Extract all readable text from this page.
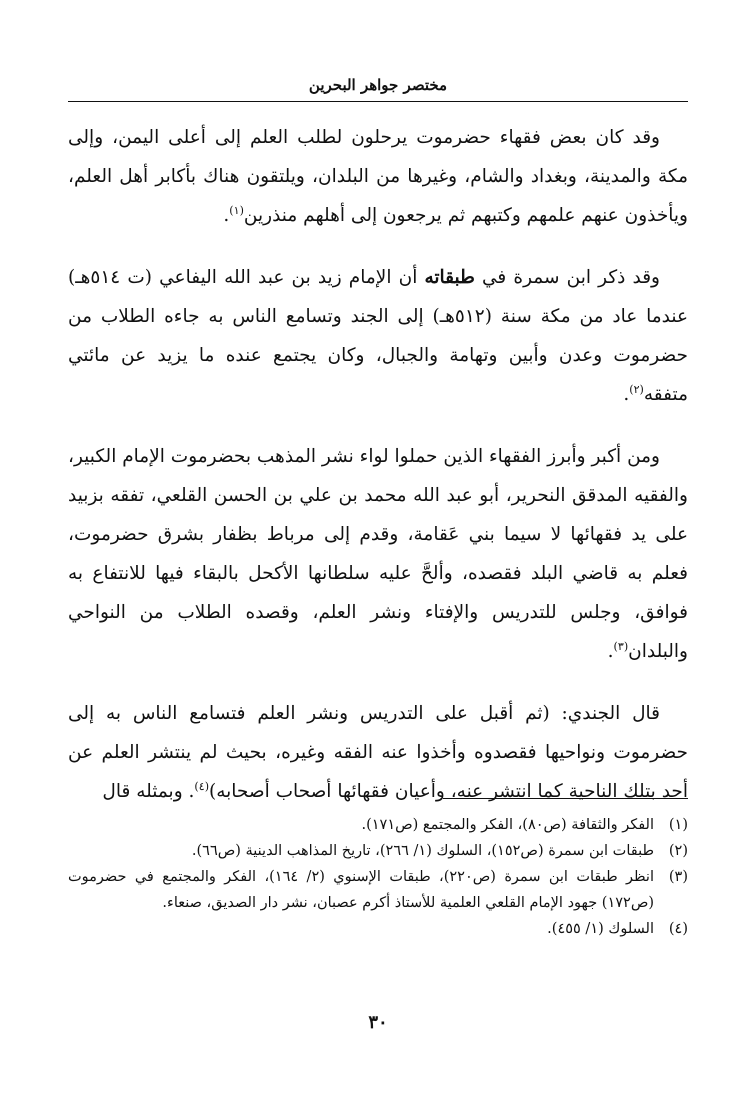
مختصر جواهر البحرين

وقد كان بعض فقهاء حضرموت يرحلون لطلب العلم إلى أعلى اليمن، وإلى مكة والمدينة، وبغداد والشام، وغيرها من البلدان، ويلتقون هناك بأكابر أهل العلم، ويأخذون عنهم علمهم وكتبهم ثم يرجعون إلى أهلهم منذرين$^{(١)}$.

وقد ذكر ابن سمرة في طبقاته أن الإمام زيد بن عبد الله اليفاعي (ت ٥١٤هـ) عندما عاد من مكة سنة (٥١٢هـ) إلى الجند وتسامع الناس به جاءه الطلاب من حضرموت وعدن وأبين وتهامة والجبال، وكان يجتمع عنده ما يزيد عن مائتي متفقه$^{(٢)}$.

ومن أكبر وأبرز الفقهاء الذين حملوا لواء نشر المذهب بحضرموت الإمام الكبير، والفقيه المدقق النحرير، أبو عبد الله محمد بن علي بن الحسن القلعي، تفقه بزبيد على يد فقهائها لا سيما بني عَقامة، وقدم إلى مرباط بظفار بشرق حضرموت، فعلم به قاضي البلد فقصده، وألحَّ عليه سلطانها الأكحل بالبقاء فيها للانتفاع به فوافق، وجلس للتدريس والإفتاء ونشر العلم، وقصده الطلاب من النواحي والبلدان$^{(٣)}$.

قال الجندي: (ثم أقبل على التدريس ونشر العلم فتسامع الناس به إلى حضرموت ونواحيها فقصدوه وأخذوا عنه الفقه وغيره، بحيث لم ينتشر العلم عن أحد بتلك الناحية كما انتشر عنه، وأعيان فقهائها أصحاب أصحابه)$^{(٤)}$. وبمثله قال

(١)
الفكر والثقافة (ص٨٠)، الفكر والمجتمع (ص١٧١).
(٢)
طبقات ابن سمرة (ص١٥٢)، السلوك (١/ ٢٦٦)، تاريخ المذاهب الدينية (ص٦٦).
(٣)
انظر طبقات ابن سمرة (ص٢٢٠)، طبقات الإسنوي (٢/ ١٦٤)، الفكر والمجتمع في حضرموت (ص١٧٢) جهود الإمام القلعي العلمية للأستاذ أكرم عصبان، نشر دار الصديق، صنعاء.
(٤)
السلوك (١/ ٤٥٥).
٣٠
